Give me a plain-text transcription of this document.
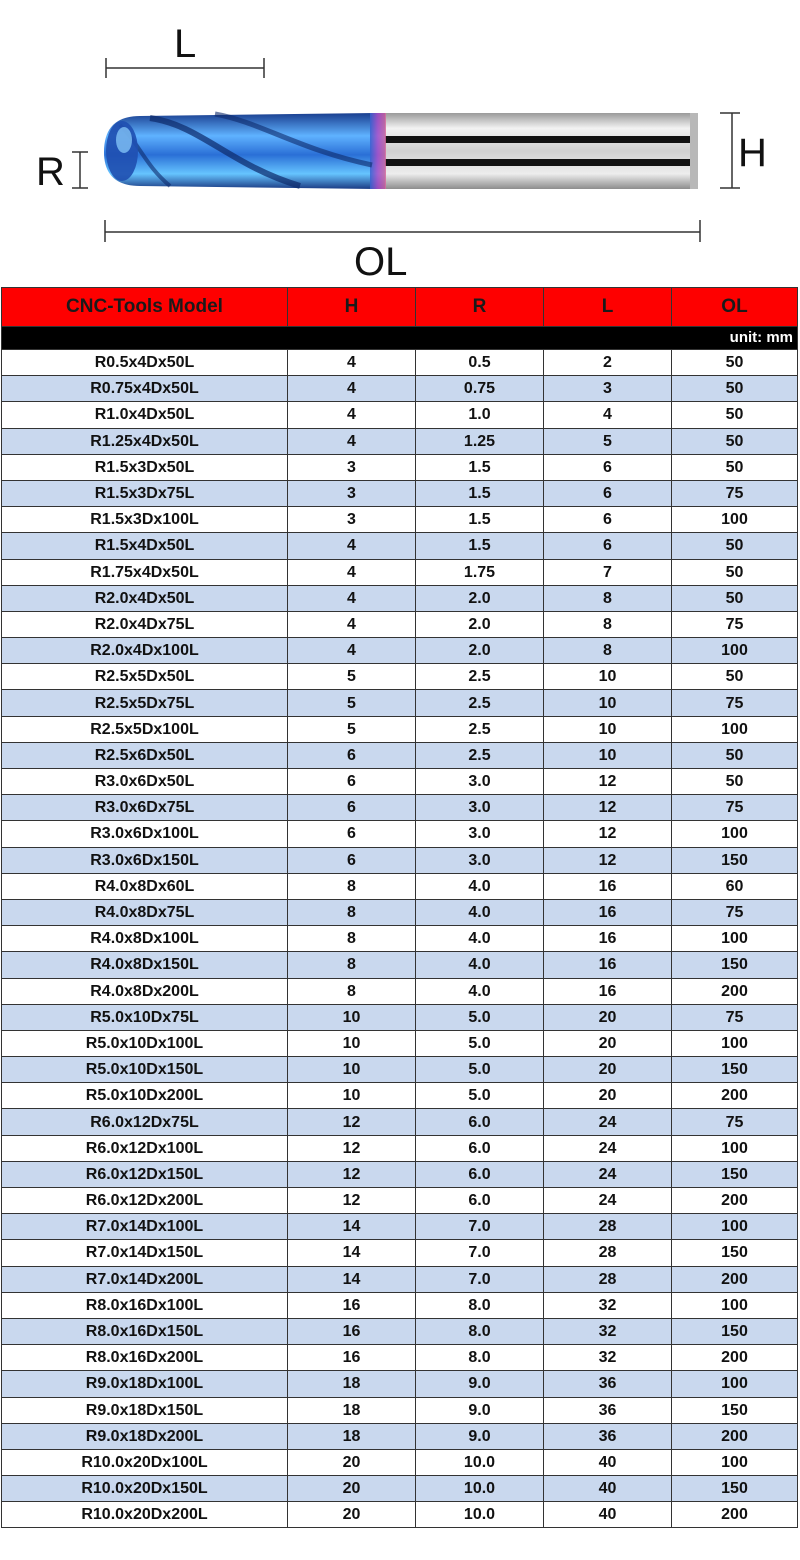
L
R	H
OL
CNC-Tools Model	H	R	L	OL
unit: mm				
R0.5x4Dx50L	4	0.5	2	50
R0.75x4Dx50L	4	0.75	3	50
R1.0x4Dx50L	4	1.0	4	50
R1.25x4Dx50L	4	1.25	5	50
R1.5x3Dx50L	3	1.5	6	50
R1.5x3Dx75L	3	1.5	6	75
R1.5x3Dx100L	3	1.5	6	100
R1.5x4Dx50L	4	1.5	6	50
R1.75x4Dx50L	4	1.75	7	50
R2.0x4Dx50L	4	2.0	8	50
R2.0x4Dx75L	4	2.0	8	75
R2.0x4Dx100L	4	2.0	8	100
R2.5x5Dx50L	5	2.5	10	50
R2.5x5Dx75L	5	2.5	10	75
R2.5x5Dx100L	5	2.5	10	100
R2.5x6Dx50L	6	2.5	10	50
R3.0x6Dx50L	6	3.0	12	50
R3.0x6Dx75L	6	3.0	12	75
R3.0x6Dx100L	6	3.0	12	100
R3.0x6Dx150L	6	3.0	12	150
R4.0x8Dx60L	8	4.0	16	60
R4.0x8Dx75L	8	4.0	16	75
R4.0x8Dx100L	8	4.0	16	100
R4.0x8Dx150L	8	4.0	16	150
R4.0x8Dx200L	8	4.0	16	200
R5.0x10Dx75L	10	5.0	20	75
R5.0x10Dx100L	10	5.0	20	100
R5.0x10Dx150L	10	5.0	20	150
R5.0x10Dx200L	10	5.0	20	200
R6.0x12Dx75L	12	6.0	24	75
R6.0x12Dx100L	12	6.0	24	100
R6.0x12Dx150L	12	6.0	24	150
R6.0x12Dx200L	12	6.0	24	200
R7.0x14Dx100L	14	7.0	28	100
R7.0x14Dx150L	14	7.0	28	150
R7.0x14Dx200L	14	7.0	28	200
R8.0x16Dx100L	16	8.0	32	100
R8.0x16Dx150L	16	8.0	32	150
R8.0x16Dx200L	16	8.0	32	200
R9.0x18Dx100L	18	9.0	36	100
R9.0x18Dx150L	18	9.0	36	150
R9.0x18Dx200L	18	9.0	36	200
R10.0x20Dx100L	20	10.0	40	100
R10.0x20Dx150L	20	10.0	40	150
R10.0x20Dx200L	20	10.0	40	200
